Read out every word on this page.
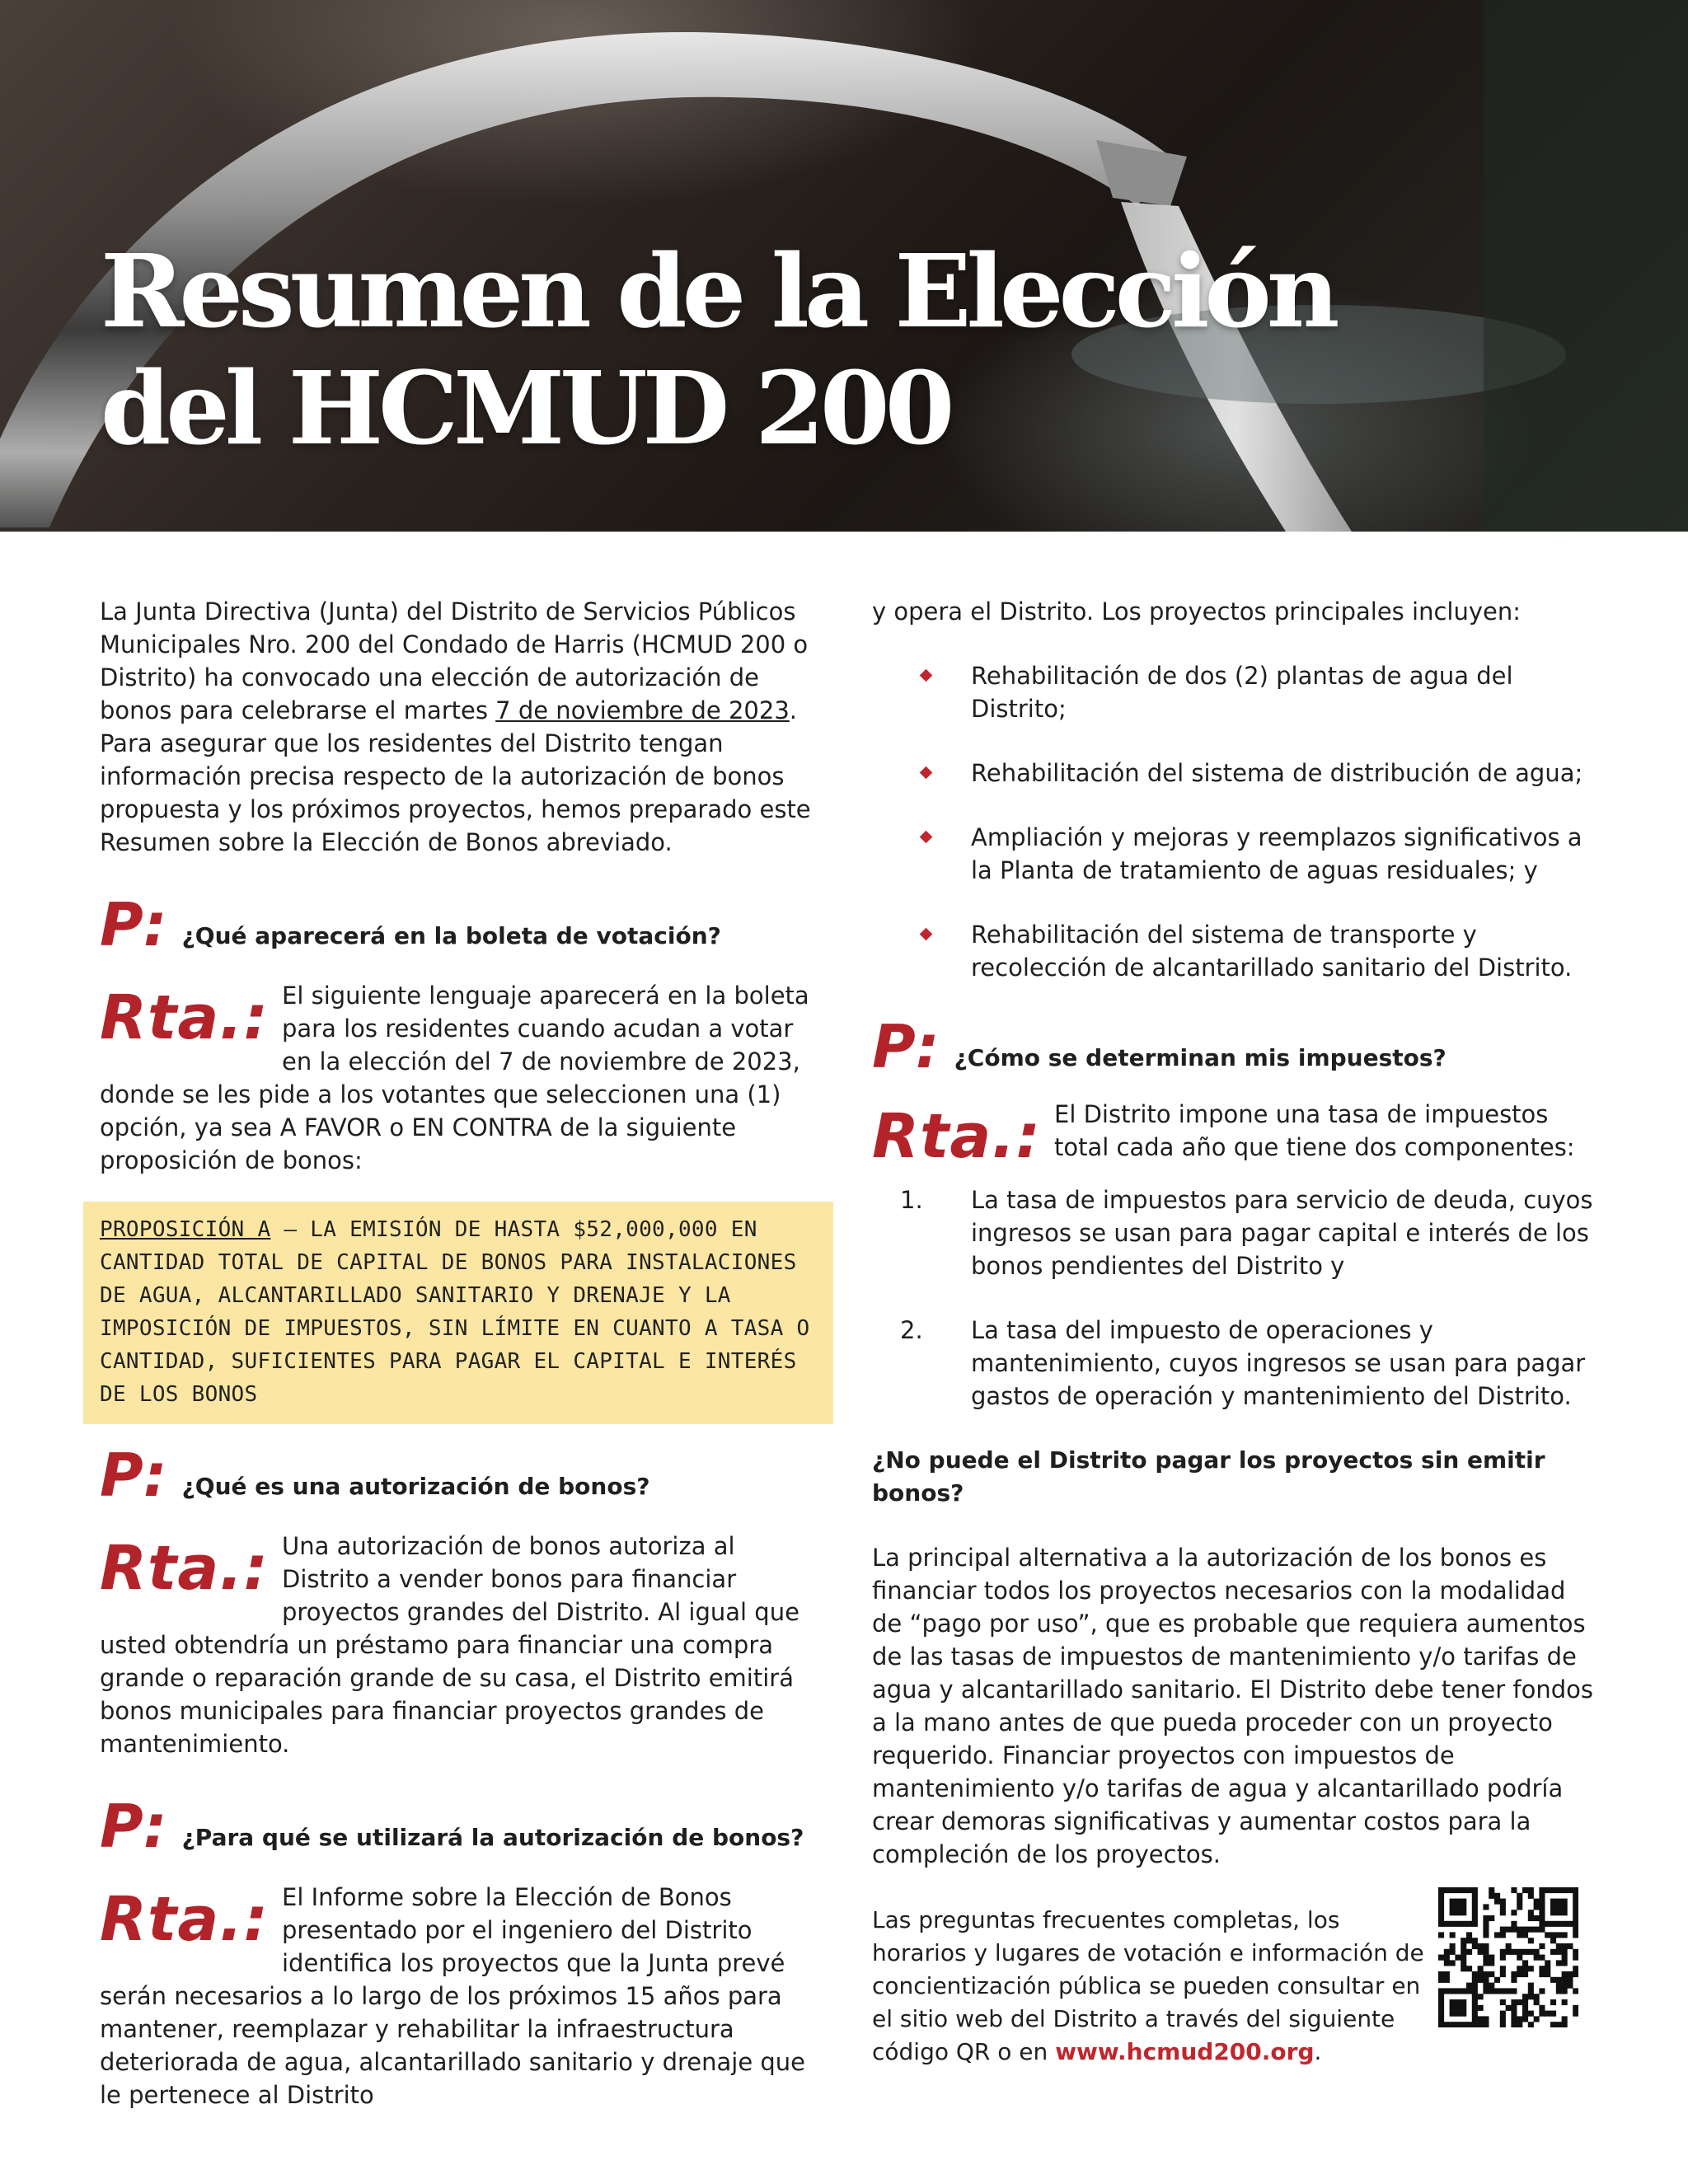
Resumen de la Elección
del HCMUD 200

La Junta Directiva (Junta) del Distrito de Servicios Públicos Municipales Nro. 200 del Condado de Harris (HCMUD 200 o Distrito) ha convocado una elección de autorización de bonos para celebrarse el martes 7 de noviembre de 2023. Para asegurar que los residentes del Distrito tengan información precisa respecto de la autorización de bonos propuesta y los próximos proyectos, hemos preparado este Resumen sobre la Elección de Bonos abreviado.

P: ¿Qué aparecerá en la boleta de votación?
Rta.: El siguiente lenguaje aparecerá en la boleta para los residentes cuando acudan a votar en la elección del 7 de noviembre de 2023, donde se les pide a los votantes que seleccionen una (1) opción, ya sea A FAVOR o EN CONTRA de la siguiente proposición de bonos:

PROPOSICIÓN A – LA EMISIÓN DE HASTA $52,000,000 EN CANTIDAD TOTAL DE CAPITAL DE BONOS PARA INSTALACIONES DE AGUA, ALCANTARILLADO SANITARIO Y DRENAJE Y LA IMPOSICIÓN DE IMPUESTOS, SIN LÍMITE EN CUANTO A TASA O CANTIDAD, SUFICIENTES PARA PAGAR EL CAPITAL E INTERÉS DE LOS BONOS
P: ¿Qué es una autorización de bonos?
Rta.: Una autorización de bonos autoriza al Distrito a vender bonos para financiar proyectos grandes del Distrito. Al igual que usted obtendría un préstamo para financiar una compra grande o reparación grande de su casa, el Distrito emitirá bonos municipales para financiar proyectos grandes de mantenimiento.

P: ¿Para qué se utilizará la autorización de bonos?
Rta.: El Informe sobre la Elección de Bonos presentado por el ingeniero del Distrito identifica los proyectos que la Junta prevé serán necesarios a lo largo de los próximos 15 años para mantener, reemplazar y rehabilitar la infraestructura deteriorada de agua, alcantarillado sanitario y drenaje que le pertenece al Distrito

y opera el Distrito. Los proyectos principales incluyen:

Rehabilitación de dos (2) plantas de agua del Distrito;
Rehabilitación del sistema de distribución de agua;
Ampliación y mejoras y reemplazos significativos a la Planta de tratamiento de aguas residuales; y
Rehabilitación del sistema de transporte y recolección de alcantarillado sanitario del Distrito.
P: ¿Cómo se determinan mis impuestos?
Rta.: El Distrito impone una tasa de impuestos total cada año que tiene dos componentes:

1. La tasa de impuestos para servicio de deuda, cuyos ingresos se usan para pagar capital e interés de los bonos pendientes del Distrito y
2. La tasa del impuesto de operaciones y mantenimiento, cuyos ingresos se usan para pagar gastos de operación y mantenimiento del Distrito.

¿No puede el Distrito pagar los proyectos sin emitir bonos?

La principal alternativa a la autorización de los bonos es financiar todos los proyectos necesarios con la modalidad de “pago por uso”, que es probable que requiera aumentos de las tasas de impuestos de mantenimiento y/o tarifas de agua y alcantarillado sanitario. El Distrito debe tener fondos a la mano antes de que pueda proceder con un proyecto requerido. Financiar proyectos con impuestos de mantenimiento y/o tarifas de agua y alcantarillado podría crear demoras significativas y aumentar costos para la compleción de los proyectos.

Las preguntas frecuentes completas, los horarios y lugares de votación e información de concientización pública se pueden consultar en el sitio web del Distrito a través del siguiente código QR o en www.hcmud200.org.
